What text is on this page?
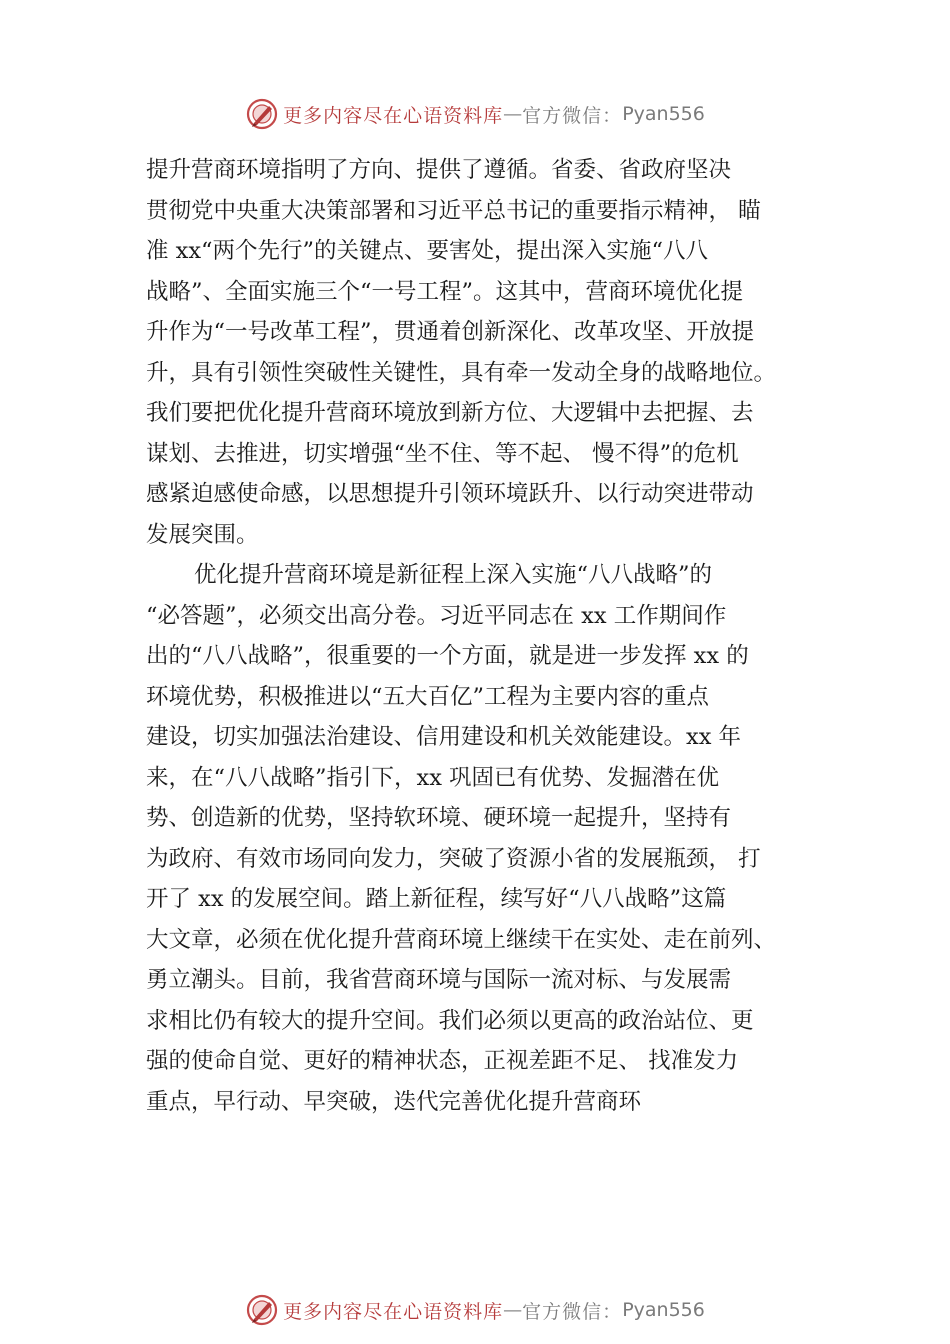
更多内容尽在心语资料库 — 官方微信： Pyan556
提升营商环境指明了方向、提供了遵循。省委、省政府坚决
贯彻党中央重大决策部署和习近平总书记的重要指示精神， 瞄
准 xx“两个先行”的关键点、要害处，提出深入实施“八八
战略”、全面实施三个“一号工程”。这其中，营商环境优化提
升作为“一号改革工程”，贯通着创新深化、改革攻坚、开放提
升，具有引领性突破性关键性，具有牵一发动全身的战略地位。
我们要把优化提升营商环境放到新方位、大逻辑中去把握、去
谋划、去推进，切实增强“坐不住、等不起、 慢不得”的危机
感紧迫感使命感，以思想提升引领环境跃升、以行动突进带动
发展突围。
优化提升营商环境是新征程上深入实施“八八战略”的
“必答题”，必须交出高分卷。习近平同志在 xx 工作期间作
出的“八八战略”，很重要的一个方面，就是进一步发挥 xx 的
环境优势，积极推进以“五大百亿”工程为主要内容的重点
建设，切实加强法治建设、信用建设和机关效能建设。xx 年
来，在“八八战略”指引下，xx 巩固已有优势、发掘潜在优
势、创造新的优势，坚持软环境、硬环境一起提升，坚持有
为政府、有效市场同向发力，突破了资源小省的发展瓶颈， 打
开了 xx 的发展空间。踏上新征程，续写好“八八战略”这篇
大文章，必须在优化提升营商环境上继续干在实处、走在前列、
勇立潮头。目前，我省营商环境与国际一流对标、与发展需
求相比仍有较大的提升空间。我们必须以更高的政治站位、更
强的使命自觉、更好的精神状态，正视差距不足、 找准发力
重点，早行动、早突破，迭代完善优化提升营商环
更多内容尽在心语资料库 — 官方微信： Pyan556
